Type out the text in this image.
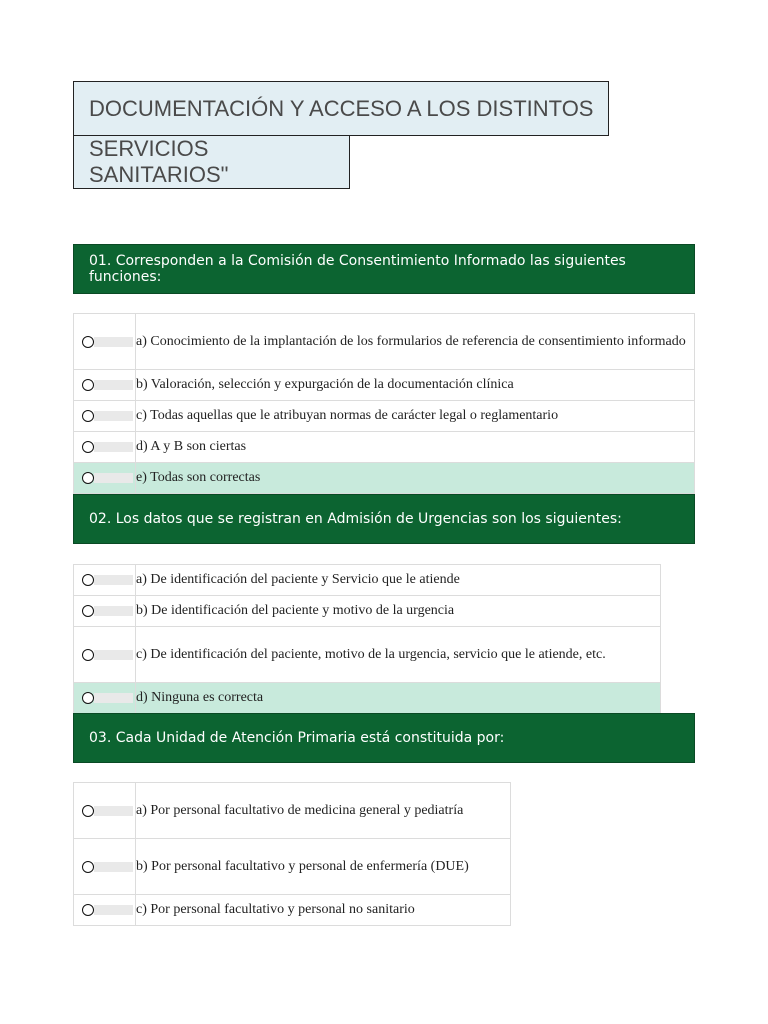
DOCUMENTACIÓN Y ACCESO A LOS DISTINTOS
SERVICIOS SANITARIOS"
01. Corresponden a la Comisión de Consentimiento Informado las siguientes funciones:
	a) Conocimiento de la implantación de los formularios de referencia de consentimiento informado

	b) Valoración, selección y expurgación de la documentación clínica

	c) Todas aquellas que le atribuyan normas de carácter legal o reglamentario

	d) A y B son ciertas

	e) Todas son correctas
02. Los datos que se registran en Admisión de Urgencias son los siguientes:
	a) De identificación del paciente y Servicio que le atiende

	b) De identificación del paciente y motivo de la urgencia

	c) De identificación del paciente, motivo de la urgencia, servicio que le atiende, etc.

	d) Ninguna es correcta
03. Cada Unidad de Atención Primaria está constituida por:
	a) Por personal facultativo de medicina general y pediatría

	b) Por personal facultativo y personal de enfermería (DUE)

	c) Por personal facultativo y personal no sanitario
